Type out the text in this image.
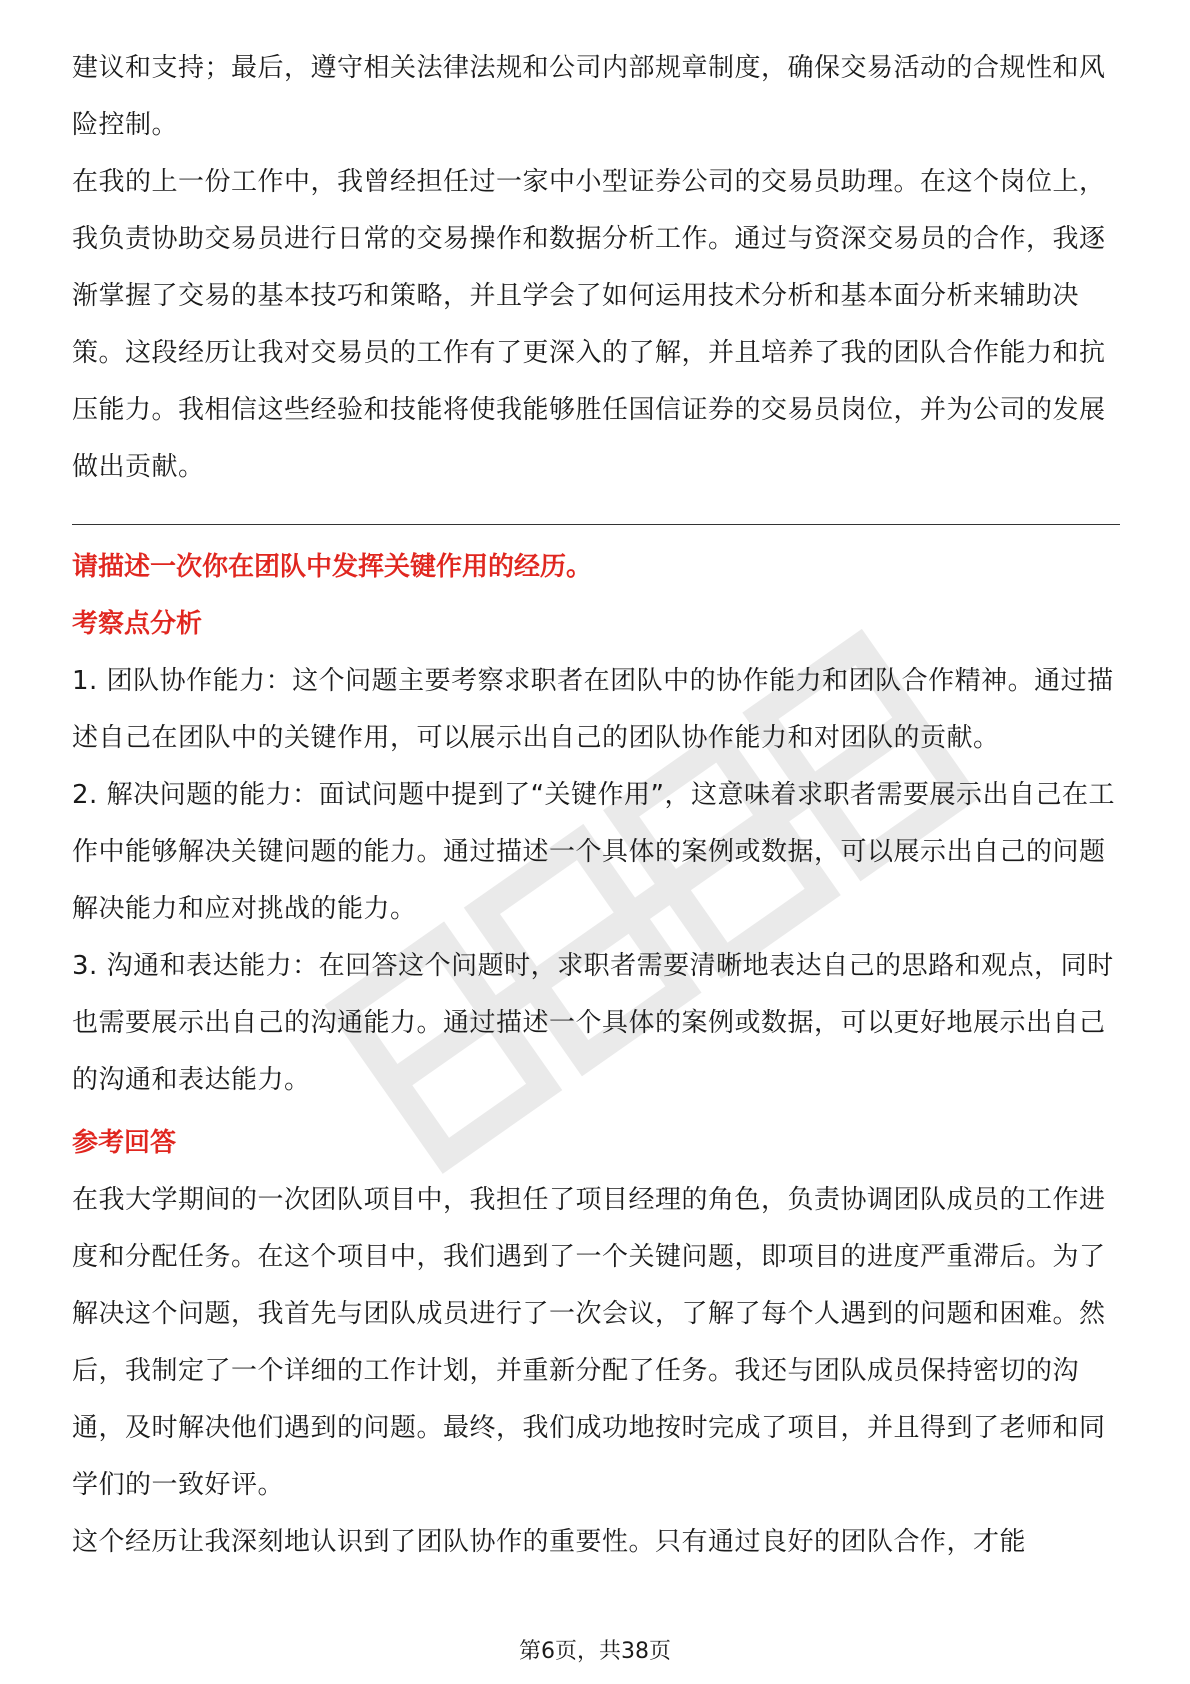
建议和支持；最后，遵守相关法律法规和公司内部规章制度，确保交易活动的合规性和风险控制。

在我的上一份工作中，我曾经担任过一家中小型证券公司的交易员助理。在这个岗位上，我负责协助交易员进行日常的交易操作和数据分析工作。通过与资深交易员的合作，我逐渐掌握了交易的基本技巧和策略，并且学会了如何运用技术分析和基本面分析来辅助决策。这段经历让我对交易员的工作有了更深入的了解，并且培养了我的团队合作能力和抗压能力。我相信这些经验和技能将使我能够胜任国信证券的交易员岗位，并为公司的发展做出贡献。

请描述一次你在团队中发挥关键作用的经历。

考察点分析

1. 团队协作能力：这个问题主要考察求职者在团队中的协作能力和团队合作精神。通过描述自己在团队中的关键作用，可以展示出自己的团队协作能力和对团队的贡献。

2. 解决问题的能力：面试问题中提到了“关键作用”，这意味着求职者需要展示出自己在工作中能够解决关键问题的能力。通过描述一个具体的案例或数据，可以展示出自己的问题解决能力和应对挑战的能力。

3. 沟通和表达能力：在回答这个问题时，求职者需要清晰地表达自己的思路和观点，同时也需要展示出自己的沟通能力。通过描述一个具体的案例或数据，可以更好地展示出自己的沟通和表达能力。

参考回答

在我大学期间的一次团队项目中，我担任了项目经理的角色，负责协调团队成员的工作进度和分配任务。在这个项目中，我们遇到了一个关键问题，即项目的进度严重滞后。为了解决这个问题，我首先与团队成员进行了一次会议，了解了每个人遇到的问题和困难。然后，我制定了一个详细的工作计划，并重新分配了任务。我还与团队成员保持密切的沟通，及时解决他们遇到的问题。最终，我们成功地按时完成了项目，并且得到了老师和同学们的一致好评。

这个经历让我深刻地认识到了团队协作的重要性。只有通过良好的团队合作，才能

第6页，共38页
